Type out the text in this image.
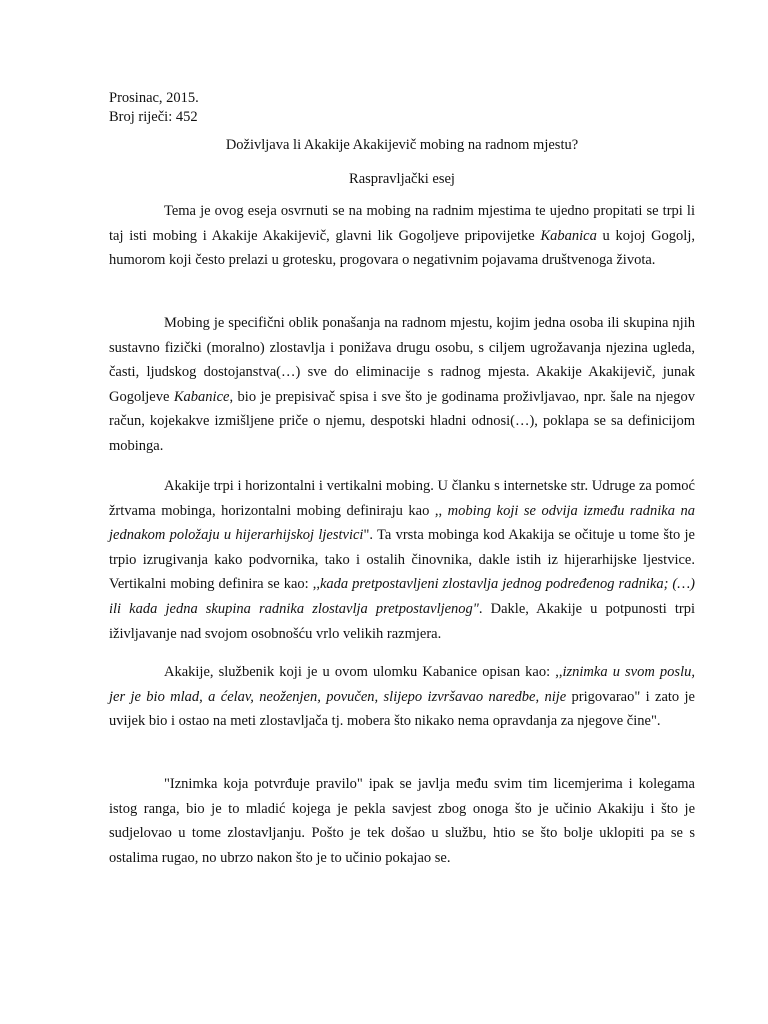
Prosinac, 2015.
Broj riječi: 452
Doživljava li Akakije Akakijevič mobing na radnom mjestu?
Raspravljački esej

Tema je ovog eseja osvrnuti se na mobing na radnim mjestima te ujedno propitati se trpi li taj isti mobing i Akakije Akakijevič, glavni lik Gogoljeve pripovijetke Kabanica u kojoj Gogolj, humorom koji često prelazi u grotesku, progovara o negativnim pojavama društvenoga života.

Mobing je specifični oblik ponašanja na radnom mjestu, kojim jedna osoba ili skupina njih sustavno fizički (moralno) zlostavlja i ponižava drugu osobu, s ciljem ugrožavanja njezina ugleda, časti, ljudskog dostojanstva(…) sve do eliminacije s radnog mjesta. Akakije Akakijevič, junak Gogoljeve Kabanice, bio je prepisivač spisa i sve što je godinama proživljavao, npr. šale na njegov račun, kojekakve izmišljene priče o njemu, despotski hladni odnosi(…), poklapa se sa definicijom mobinga.

Akakije trpi i horizontalni i vertikalni mobing. U članku s internetske str. Udruge za pomoć žrtvama mobinga, horizontalni mobing definiraju kao ,, mobing koji se odvija između radnika na jednakom položaju u hijerarhijskoj ljestvici". Ta vrsta mobinga kod Akakija se očituje u tome što je trpio izrugivanja kako podvornika, tako i ostalih činovnika, dakle istih iz hijerarhijske ljestvice. Vertikalni mobing definira se kao: ,,kada pretpostavljeni zlostavlja jednog podređenog radnika; (…) ili kada jedna skupina radnika zlostavlja pretpostavljenog". Dakle, Akakije u potpunosti trpi iživljavanje nad svojom osobnošću vrlo velikih razmjera.

Akakije, službenik koji je u ovom ulomku Kabanice opisan kao: ,,iznimka u svom poslu, jer je bio mlad, a ćelav, neoženjen, povučen, slijepo izvršavao naredbe, nije prigovarao" i zato je uvijek bio i ostao na meti zlostavljača tj. mobera što nikako nema opravdanja za njegove čine".

"Iznimka koja potvrđuje pravilo" ipak se javlja među svim tim licemjerima i kolegama istog ranga, bio je to mladić kojega je pekla savjest zbog onoga što je učinio Akakiju i što je sudjelovao u tome zlostavljanju. Pošto je tek došao u službu, htio se što bolje uklopiti pa se s ostalima rugao, no ubrzo nakon što je to učinio pokajao se.
